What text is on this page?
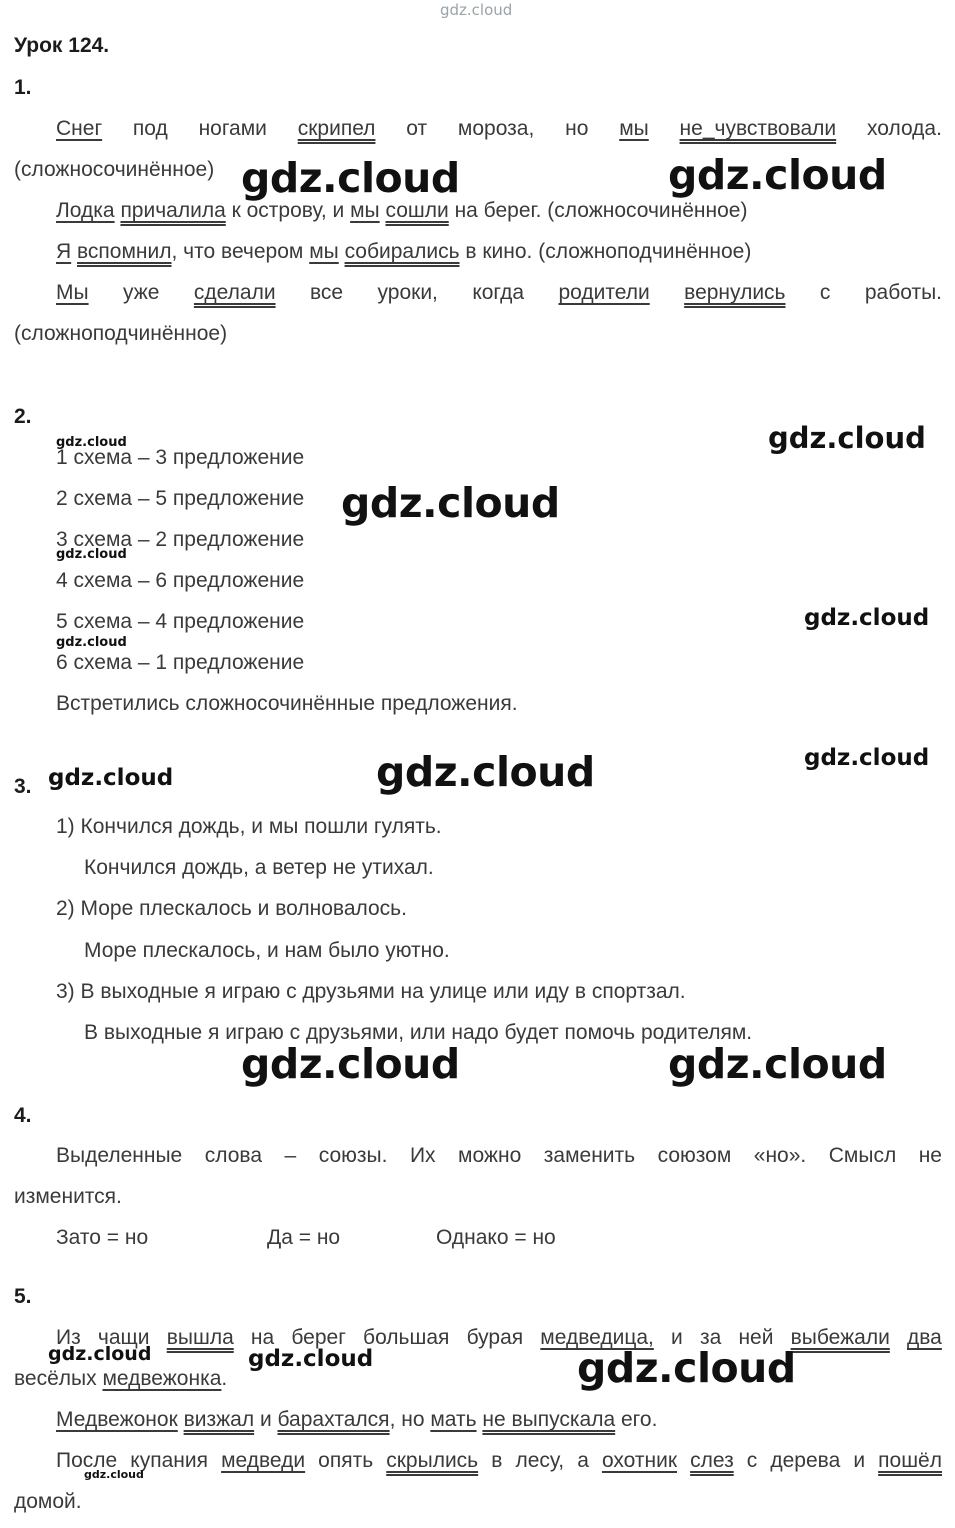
gdz.cloud
Урок 124.
1.
Снег под ногами скрипел от мороза, но мы не_чувствовали холода.
(сложносочинённое)
Лодка причалила к острову, и мы сошли на берег. (сложносочинённое)
Я вспомнил, что вечером мы собирались в кино. (сложноподчинённое)
Мы уже сделали все уроки, когда родители вернулись с работы.
(сложноподчинённое)
2.
1 схема – 3 предложение
2 схема – 5 предложение
3 схема – 2 предложение
4 схема – 6 предложение
5 схема – 4 предложение
6 схема – 1 предложение
Встретились сложносочинённые предложения.
3.
1) Кончился дождь, и мы пошли гулять.
Кончился дождь, а ветер не утихал.
2) Море плескалось и волновалось.
Море плескалось, и нам было уютно.
3) В выходные я играю с друзьями на улице или иду в спортзал.
В выходные я играю с друзьями, или надо будет помочь родителям.
4.
Выделенные слова – союзы. Их можно заменить союзом «но». Смысл не
изменится.
Зато = но	Да = но	Однако = но
5.
Из чащи вышла на берег большая бурая медведица, и за ней выбежали два
весёлых медвежонка.
Медвежонок визжал и барахтался, но мать не выпускала его.
После купания медведи опять скрылись в лесу, а охотник слез с дерева и пошёл
домой.
gdz.cloud	gdz.cloud
gdz.cloud
gdz.cloud
gdz.cloud
gdz.cloud
gdz.cloud
gdz.cloud
gdz.cloud
gdz.cloud
gdz.cloud
gdz.cloud	gdz.cloud
gdz.cloud	gdz.cloud	gdz.cloud
gdz.cloud
